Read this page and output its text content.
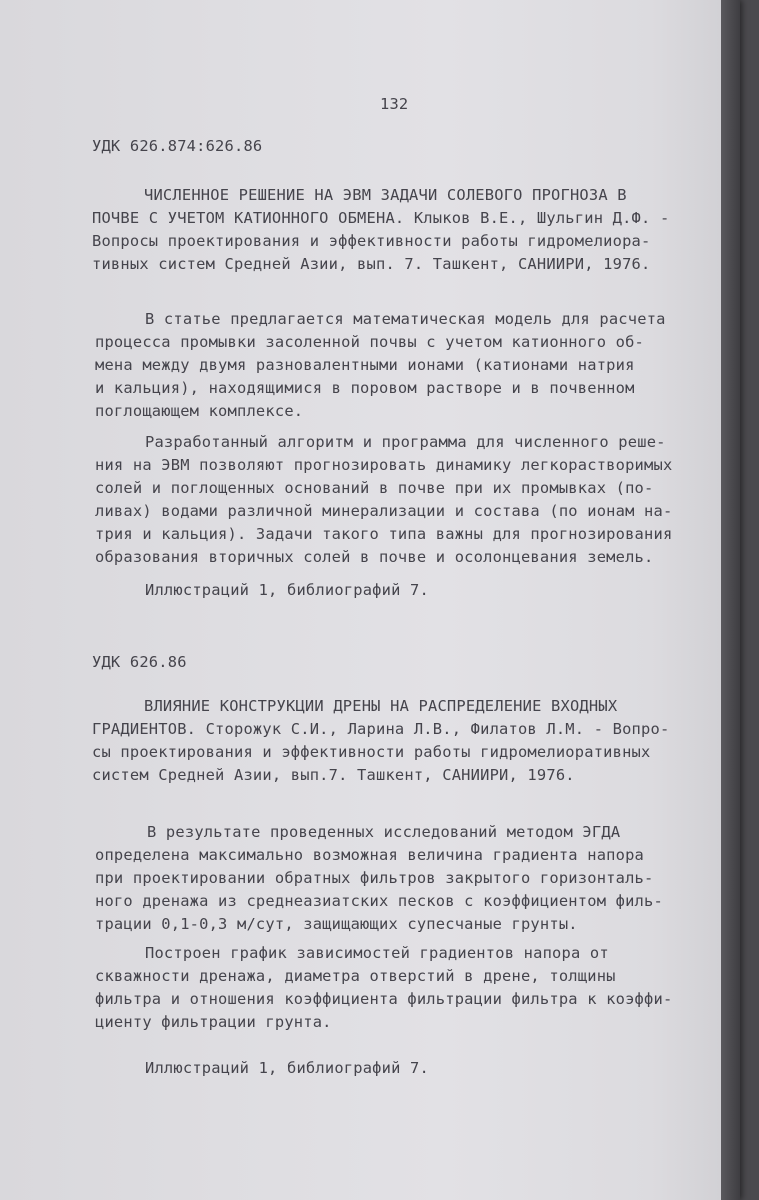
132
УДК 626.874:626.86
ЧИСЛЕННОЕ РЕШЕНИЕ НА ЭВМ ЗАДАЧИ СОЛЕВОГО ПРОГНОЗА В
ПОЧВЕ С УЧЕТОМ КАТИОННОГО ОБМЕНА. Клыков В.Е., Шульгин Д.Ф. -
Вопросы проектирования и эффективности работы гидромелиора-
тивных систем Средней Азии, вып. 7. Ташкент, САНИИРИ, 1976.
В статье предлагается математическая модель для расчета
процесса промывки засоленной почвы с учетом катионного об-
мена между двумя разновалентными ионами (катионами натрия
и кальция), находящимися в поровом растворе и в почвенном
поглощающем комплексе.
Разработанный алгоритм и программа для численного реше-
ния на ЭВМ позволяют прогнозировать динамику легкорастворимых
солей и поглощенных оснований в почве при их промывках (по-
ливах) водами различной минерализации и состава (по ионам на-
трия и кальция). Задачи такого типа важны для прогнозирования
образования вторичных солей в почве и осолонцевания земель.
Иллюстраций 1, библиографий 7.
УДК 626.86
ВЛИЯНИЕ КОНСТРУКЦИИ ДРЕНЫ НА РАСПРЕДЕЛЕНИЕ ВХОДНЫХ
ГРАДИЕНТОВ. Сторожук С.И., Ларина Л.В., Филатов Л.М. - Вопро-
сы проектирования и эффективности работы гидромелиоративных
систем Средней Азии, вып.7. Ташкент, САНИИРИ, 1976.
В результате проведенных исследований методом ЭГДА
определена максимально возможная величина градиента напора
при проектировании обратных фильтров закрытого горизонталь-
ного дренажа из среднеазиатских песков с коэффициентом филь-
трации 0,1-0,3 м/сут, защищающих супесчаные грунты.
Построен график зависимостей градиентов напора от
скважности дренажа, диаметра отверстий в дрене, толщины
фильтра и отношения коэффициента фильтрации фильтра к коэффи-
циенту фильтрации грунта.
Иллюстраций 1, библиографий 7.
